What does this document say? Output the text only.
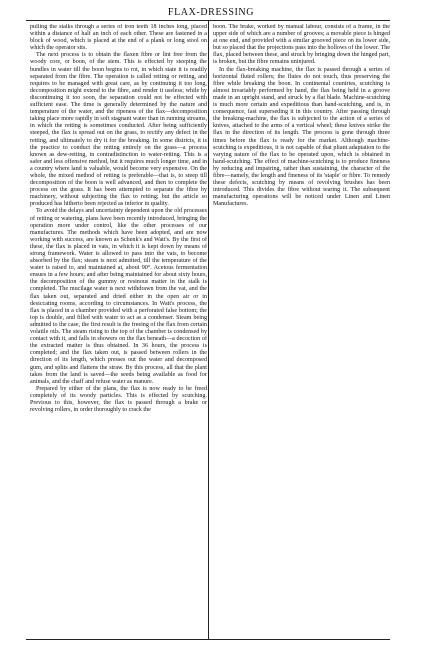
FLAX-DRESSING

pulling the stalks through a series of iron teeth 18 inches long, placed within a distance of half an inch of each other. These are fastened in a block of wood, which is placed at the end of a plank or long stool on which the operator sits.

The next process is to obtain the flaxen fibre or lint free from the woody core, or boon, of the stem. This is effected by steeping the bundles in water till the boon begins to rot, in which state it is readily separated from the fibre. The operation is called retting or retting, and requires to be managed with great care, as by continuing it too long, decomposition might extend to the fibre, and render it useless; while by discontinuing it too soon, the separation could not be effected with sufficient ease. The time is generally determined by the nature and temperature of the water, and the ripeness of the flax—decomposition taking place more rapidly in soft stagnant water than in running streams, in which the retting is sometimes conducted. After being sufficiently steeped, the flax is spread out on the grass, to rectify any defect in the retting, and ultimately to dry it for the breaking. In some districts, it is the practice to conduct the retting entirely on the grass—a process known as dew-retting, in contradistinction to water-retting. This is a safer and less offensive method, but it requires much longer time, and in a country where land is valuable, would become very expensive. On the whole, the mixed method of retting is preferable—that is, to steep till decomposition of the boon is well advanced, and then to complete the process on the grass. It has been attempted to separate the fibre by machinery, without subjecting the flax to retting; but the article so produced has hitherto been rejected as inferior in quality.

To avoid the delays and uncertainty dependent upon the old processes of retting or watering, plans have been recently introduced, bringing the operation more under control, like the other processes of our manufactures. The methods which have been adopted, and are now working with success, are known as Schenk's and Watt's. By the first of these, the flax is placed in vats, in which it is kept down by means of strong framework. Water is allowed to pass into the vats, to become absorbed by the flax; steam is next admitted, till the temperature of the water is raised to, and maintained at, about 90°. Acetous fermentation ensues in a few hours; and after being maintained for about sixty hours, the decomposition of the gummy or resinous matter in the stalk is completed. The mucilage water is next withdrawn from the vat, and the flax taken out, separated and dried either in the open air or in desiccating rooms, according to circumstances. In Watt's process, the flax is placed in a chamber provided with a perforated false bottom; the top is double, and filled with water to act as a condenser. Steam being admitted to the case, the first result is the freeing of the flax from certain volatile oils. The steam rising to the top of the chamber is condensed by contact with it, and falls in showers on the flax beneath—a decoction of the extracted matter is thus obtained. In 36 hours, the process is completed; and the flax taken out, is passed between rollers in the direction of its length, which presses out the water and decomposed gum, and splits and flattens the straw. By this process, all that the plant takes from the land is saved—the seeds being available as food for animals, and the chaff and refuse water as manure.

Prepared by either of the plans, the flax is now ready to be freed completely of its woody particles. This is effected by scutching. Previous to this, however, the flax is passed through a brake or revolving rollers, in order thoroughly to crack the

boon. The brake, worked by manual labour, consists of a frame, in the upper side of which are a number of grooves; a movable piece is hinged at one end, and provided with a similar grooved piece on its lower side, but so placed that the projections pass into the hollows of the lower. The flax, placed between these, and struck by bringing down the hinged part, is broken, but the fibre remains uninjured.

In the flax-breaking machine, the flax is passed through a series of horizontal fluted rollers; the flutes do not touch, thus preserving the fibre while breaking the boon. In continental countries, scutching is almost invariably performed by hand, the flax being held in a groove made in an upright stand, and struck by a flat blade. Machine-scutching is much more certain and expeditious than hand-scutching, and is, in consequence, fast superseding it in this country. After passing through the breaking-machine, the flax is subjected to the action of a series of knives, attached to the arms of a vertical wheel; these knives strike the flax in the direction of its length. The process is gone through three times before the flax is ready for the market. Although machine-scutching is expeditious, it is not capable of that pliant adaptation to the varying nature of the flax to be operated upon, which is obtained in hand-scutching. The effect of machine-scutching is to produce fineness by reducing and impairing, rather than sustaining, the character of the fibre—namely, the length and fineness of its 'staple' or fibre. To remedy these defects, scutching by means of revolving brushes has been introduced. This divides the fibre without tearing it. The subsequent manufacturing operations will be noticed under Linen and Linen Manufactures.
